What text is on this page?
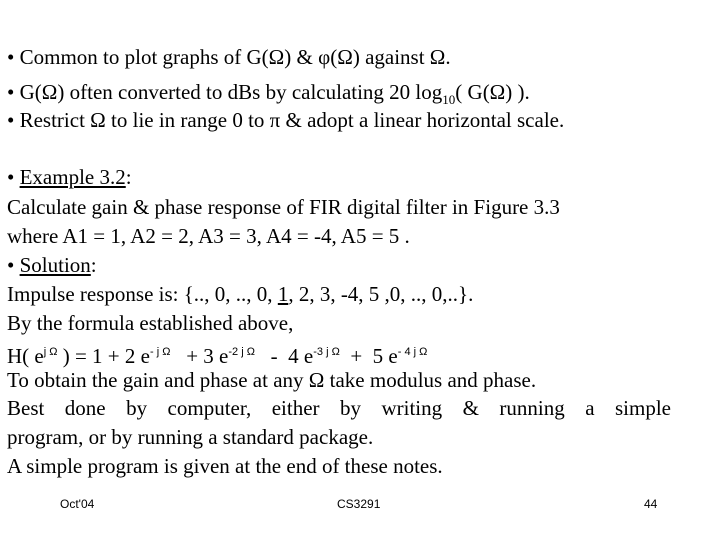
• Common to plot graphs of G(Ω) & φ(Ω) against Ω.
• G(Ω) often converted to dBs by calculating 20 $\log_{10}$( G(Ω) ).
• Restrict Ω to lie in range 0 to π & adopt a linear horizontal scale.
• Example 3.2:
Calculate gain & phase response of FIR digital filter in Figure 3.3
where A1 = 1, A2 = 2, A3 = 3, A4 = -4, A5 = 5 .
• Solution:
Impulse response is: {.., 0, .., 0, 1, 2, 3, -4, 5 ,0, .., 0,..}.
By the formula established above,
H( $e^{j \Omega}$ ) = 1 + 2 $e^{- j \Omega} + 3$ $e^{-2 j \Omega} - 4$ $e^{-3 j \Omega} + 5$ $e^{- 4 j \Omega}$
To obtain the gain and phase at any Ω take modulus and phase.
Best done by computer, either by writing & running a simple
program, or by running a standard package.
A simple program is given at the end of these notes.
Oct'04	CS3291	44
